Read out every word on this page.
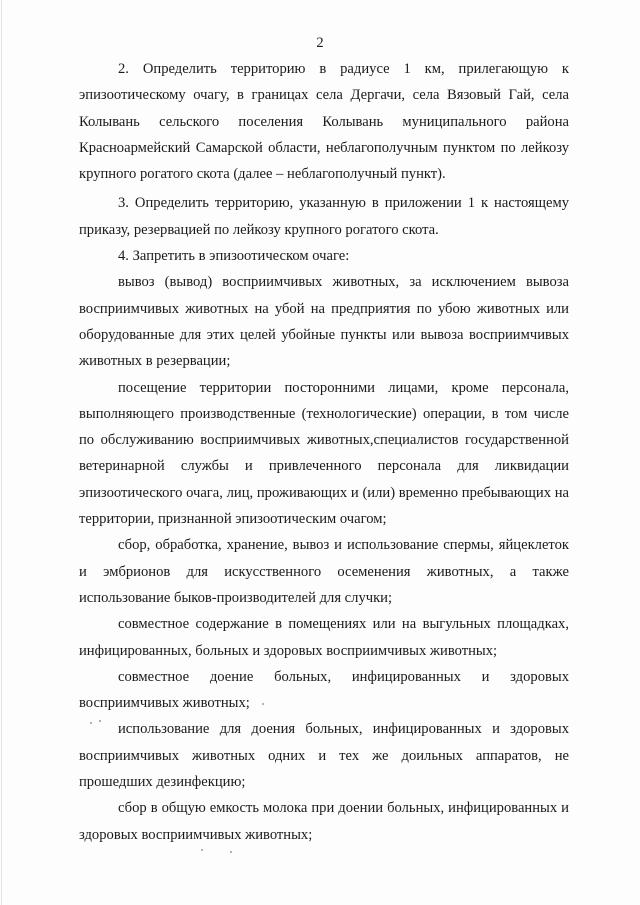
2

2. Определить территорию в радиусе 1 км, прилегающую к эпизоотическому очагу, в границах села Дергачи, села Вязовый Гай, села Колывань сельского поселения Колывань муниципального района Красноармейский Самарской области, неблагополучным пунктом по лейкозу крупного рогатого скота (далее – неблагополучный пункт).

3. Определить территорию, указанную в приложении 1 к настоящему приказу, резервацией по лейкозу крупного рогатого скота.

4. Запретить в эпизоотическом очаге:

вывоз (вывод) восприимчивых животных, за исключением вывоза восприимчивых животных на убой на предприятия по убою животных или оборудованные для этих целей убойные пункты или вывоза восприимчивых животных в резервации;

посещение территории посторонними лицами, кроме персонала, выполняющего производственные (технологические) операции, в том числе по обслуживанию восприимчивых животных,специалистов государственной ветеринарной службы и привлеченного персонала для ликвидации эпизоотического очага, лиц, проживающих и (или) временно пребывающих на территории, признанной эпизоотическим очагом;

сбор, обработка, хранение, вывоз и использование спермы, яйцеклеток и эмбрионов для искусственного осеменения животных, а также использование быков-производителей для случки;

совместное содержание в помещениях или на выгульных площадках, инфицированных, больных и здоровых восприимчивых животных;

совместное доение больных, инфицированных и здоровых восприимчивых животных;

использование для доения больных, инфицированных и здоровых восприимчивых животных одних и тех же доильных аппаратов, не прошедших дезинфекцию;

сбор в общую емкость молока при доении больных, инфицированных и здоровых восприимчивых животных;
